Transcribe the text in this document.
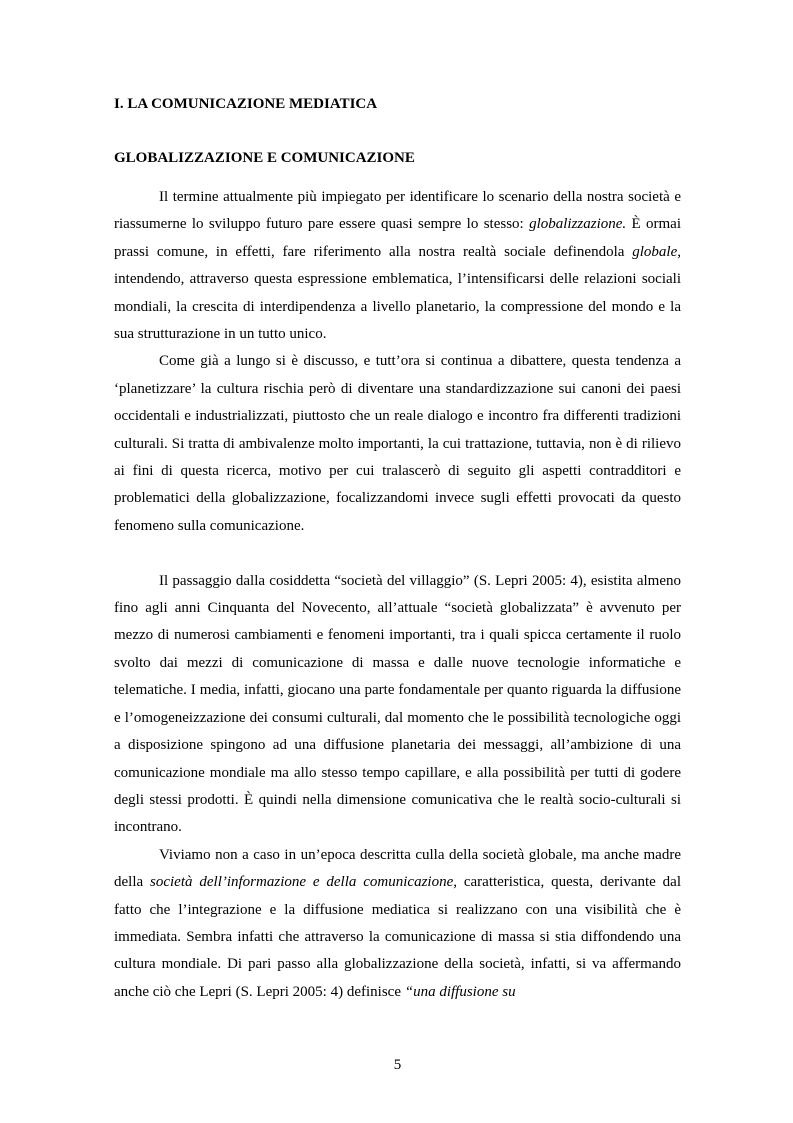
I. LA COMUNICAZIONE MEDIATICA
GLOBALIZZAZIONE E COMUNICAZIONE

Il termine attualmente più impiegato per identificare lo scenario della nostra società e riassumerne lo sviluppo futuro pare essere quasi sempre lo stesso: globalizzazione. È ormai prassi comune, in effetti, fare riferimento alla nostra realtà sociale definendola globale, intendendo, attraverso questa espressione emblematica, l’intensificarsi delle relazioni sociali mondiali, la crescita di interdipendenza a livello planetario, la compressione del mondo e la sua strutturazione in un tutto unico.

Come già a lungo si è discusso, e tutt’ora si continua a dibattere, questa tendenza a ‘planetizzare’ la cultura rischia però di diventare una standardizzazione sui canoni dei paesi occidentali e industrializzati, piuttosto che un reale dialogo e incontro fra differenti tradizioni culturali. Si tratta di ambivalenze molto importanti, la cui trattazione, tuttavia, non è di rilievo ai fini di questa ricerca, motivo per cui tralascerò di seguito gli aspetti contradditori e problematici della globalizzazione, focalizzandomi invece sugli effetti provocati da questo fenomeno sulla comunicazione.

Il passaggio dalla cosiddetta “società del villaggio” (S. Lepri 2005: 4), esistita almeno fino agli anni Cinquanta del Novecento, all’attuale “società globalizzata” è avvenuto per mezzo di numerosi cambiamenti e fenomeni importanti, tra i quali spicca certamente il ruolo svolto dai mezzi di comunicazione di massa e dalle nuove tecnologie informatiche e telematiche. I media, infatti, giocano una parte fondamentale per quanto riguarda la diffusione e l’omogeneizzazione dei consumi culturali, dal momento che le possibilità tecnologiche oggi a disposizione spingono ad una diffusione planetaria dei messaggi, all’ambizione di una comunicazione mondiale ma allo stesso tempo capillare, e alla possibilità per tutti di godere degli stessi prodotti. È quindi nella dimensione comunicativa che le realtà socio-culturali si incontrano.

Viviamo non a caso in un’epoca descritta culla della società globale, ma anche madre della società dell’informazione e della comunicazione, caratteristica, questa, derivante dal fatto che l’integrazione e la diffusione mediatica si realizzano con una visibilità che è immediata. Sembra infatti che attraverso la comunicazione di massa si stia diffondendo una cultura mondiale. Di pari passo alla globalizzazione della società, infatti, si va affermando anche ciò che Lepri (S. Lepri 2005: 4) definisce “una diffusione su

5
